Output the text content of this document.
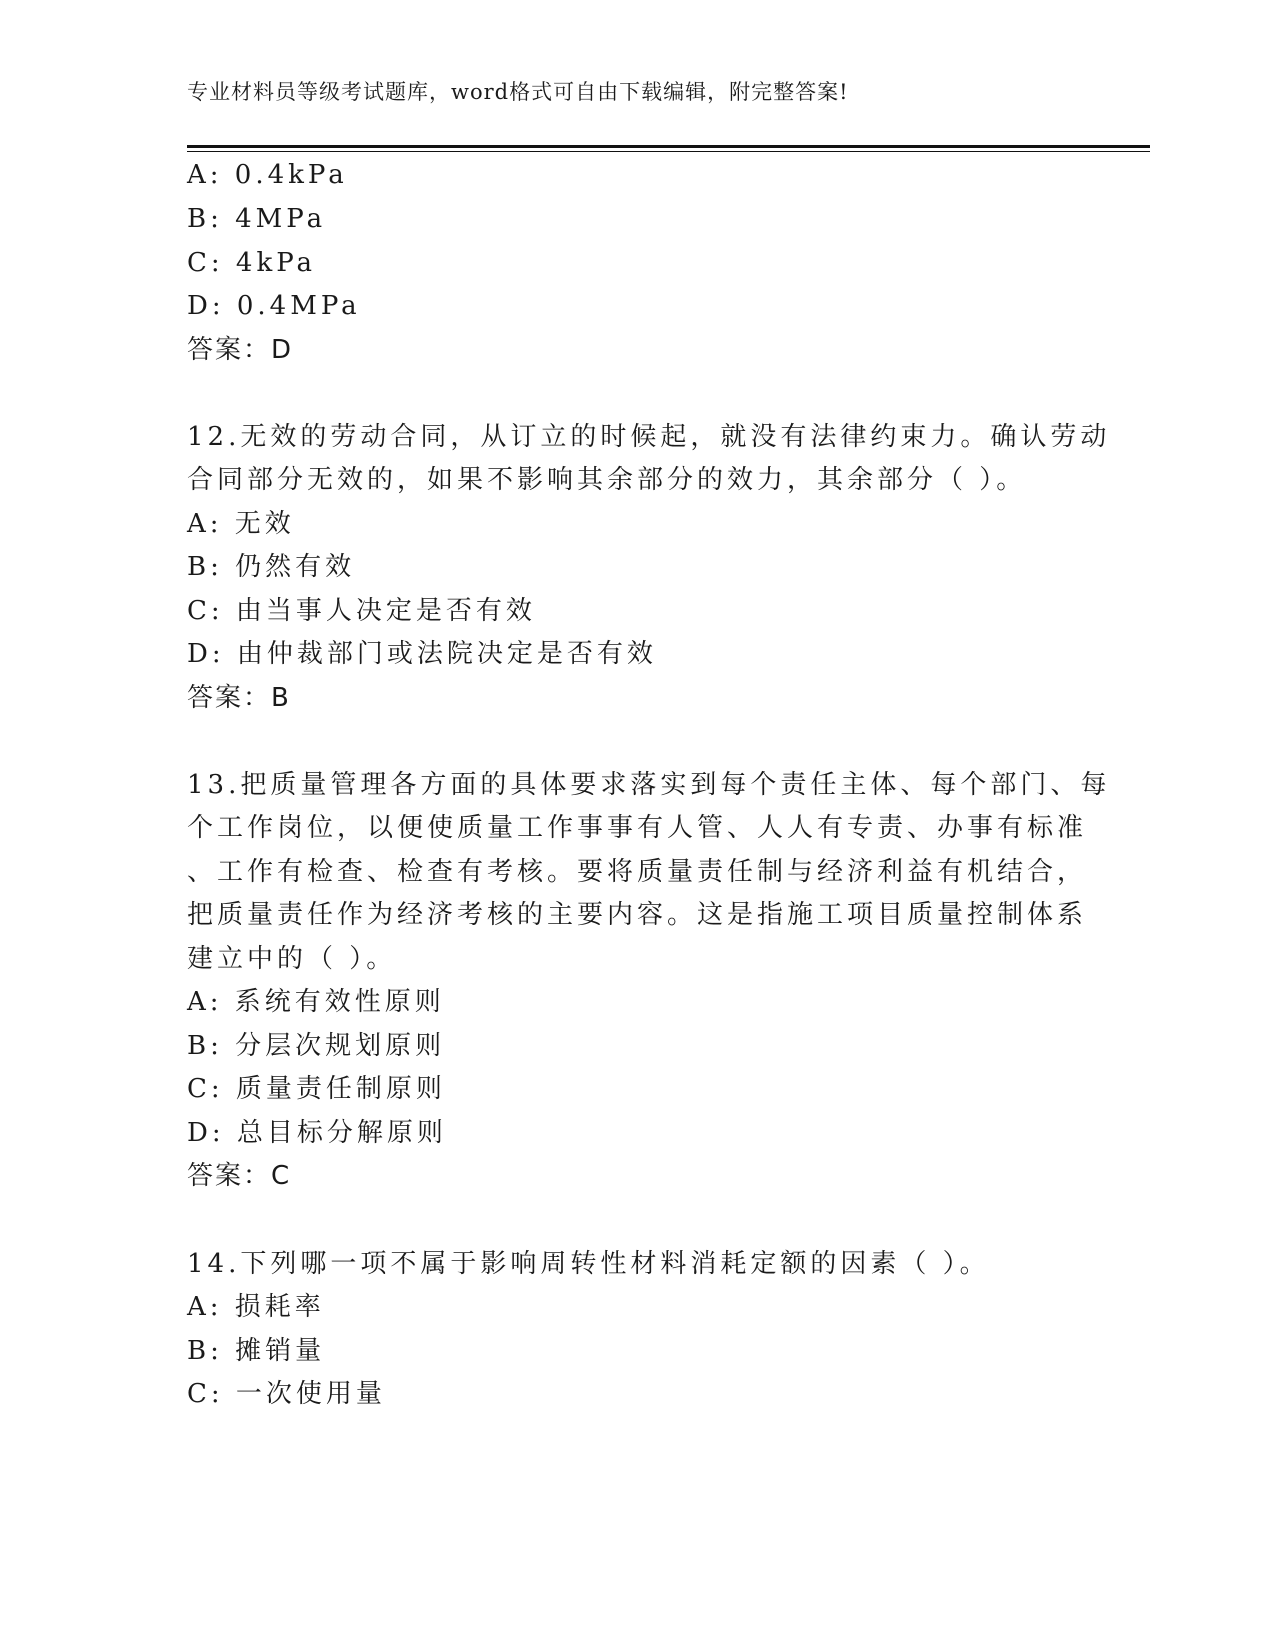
专业材料员等级考试题库，word格式可自由下载编辑，附完整答案!
A: 0.4kPa
B: 4MPa
C: 4kPa
D: 0.4MPa
答案：D
12.无效的劳动合同，从订立的时候起，就没有法律约束力。确认劳动
合同部分无效的，如果不影响其余部分的效力，其余部分（ ）。
A: 无效
B: 仍然有效
C: 由当事人决定是否有效
D: 由仲裁部门或法院决定是否有效
答案：B
13.把质量管理各方面的具体要求落实到每个责任主体、每个部门、每
个工作岗位，以便使质量工作事事有人管、人人有专责、办事有标准
、工作有检查、检查有考核。要将质量责任制与经济利益有机结合，
把质量责任作为经济考核的主要内容。这是指施工项目质量控制体系
建立中的（ ）。
A: 系统有效性原则
B: 分层次规划原则
C: 质量责任制原则
D: 总目标分解原则
答案：C
14.下列哪一项不属于影响周转性材料消耗定额的因素（ ）。
A: 损耗率
B: 摊销量
C: 一次使用量
